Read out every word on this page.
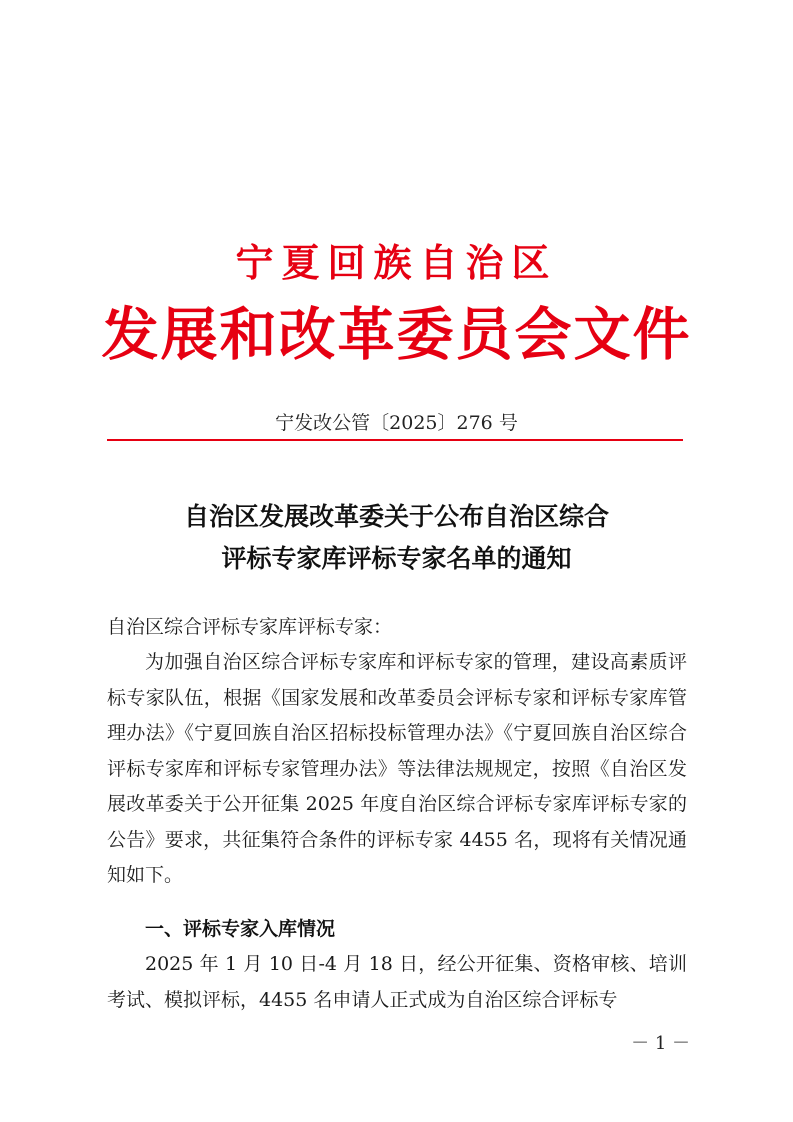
宁夏回族自治区
发展和改革委员会文件
宁发改公管〔2025〕276 号
自治区发展改革委关于公布自治区综合
评标专家库评标专家名单的通知
自治区综合评标专家库评标专家：
为加强自治区综合评标专家库和评标专家的管理，建设高素质评标专家队伍，根据《国家发展和改革委员会评标专家和评标专家库管理办法》《宁夏回族自治区招标投标管理办法》《宁夏回族自治区综合评标专家库和评标专家管理办法》等法律法规规定，按照《自治区发展改革委关于公开征集 2025 年度自治区综合评标专家库评标专家的公告》要求，共征集符合条件的评标专家 4455 名，现将有关情况通知如下。
一、评标专家入库情况
2025 年 1 月 10 日-4 月 18 日，经公开征集、资格审核、培训考试、模拟评标，4455 名申请人正式成为自治区综合评标专
－ 1 －
